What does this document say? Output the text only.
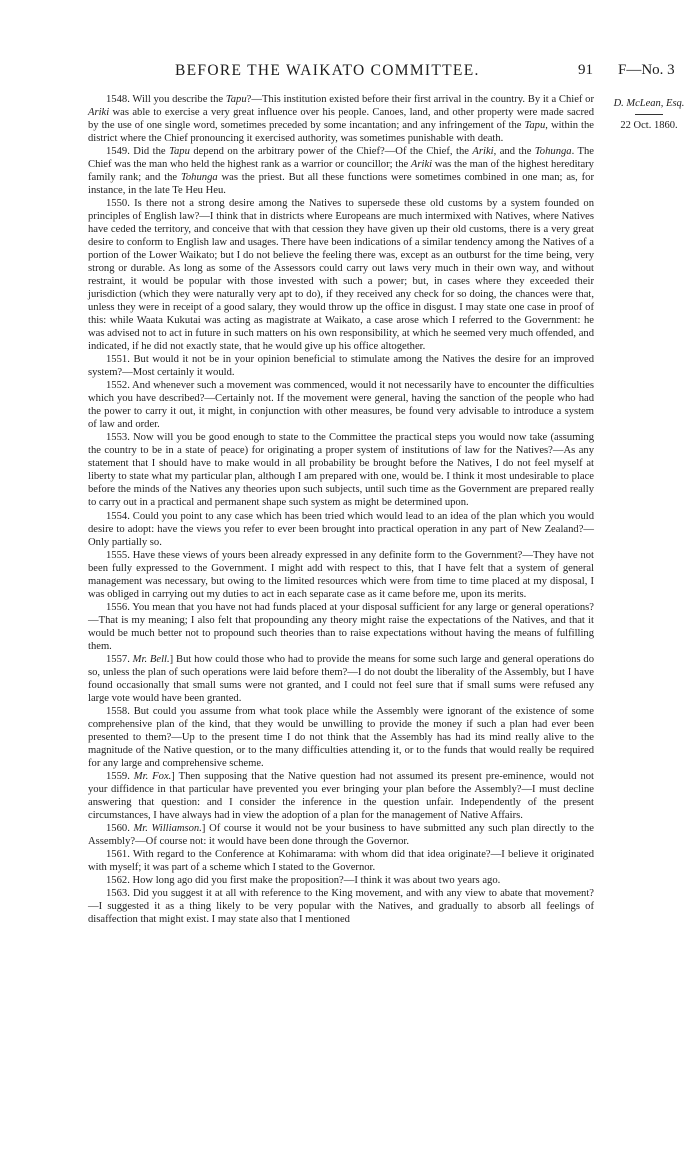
BEFORE THE WAIKATO COMMITTEE.	91 F—No. 3
D. McLean, Esq.
22 Oct. 1860.

1548. Will you describe the Tapu?—This institution existed before their first arrival in the country. By it a Chief or Ariki was able to exercise a very great influence over his people. Canoes, land, and other property were made sacred by the use of one single word, sometimes preceded by some incantation; and any infringement of the Tapu, within the district where the Chief pronouncing it exercised authority, was sometimes punishable with death.

1549. Did the Tapu depend on the arbitrary power of the Chief?—Of the Chief, the Ariki, and the Tohunga. The Chief was the man who held the highest rank as a warrior or councillor; the Ariki was the man of the highest hereditary family rank; and the Tohunga was the priest. But all these functions were sometimes combined in one man; as, for instance, in the late Te Heu Heu.

1550. Is there not a strong desire among the Natives to supersede these old customs by a system founded on principles of English law?—I think that in districts where Europeans are much intermixed with Natives, where Natives have ceded the territory, and conceive that with that cession they have given up their old customs, there is a very great desire to conform to English law and usages. There have been indications of a similar tendency among the Natives of a portion of the Lower Waikato; but I do not believe the feeling there was, except as an outburst for the time being, very strong or durable. As long as some of the Assessors could carry out laws very much in their own way, and without restraint, it would be popular with those invested with such a power; but, in cases where they exceeded their jurisdiction (which they were naturally very apt to do), if they received any check for so doing, the chances were that, unless they were in receipt of a good salary, they would throw up the office in disgust. I may state one case in proof of this: while Waata Kukutai was acting as magistrate at Waikato, a case arose which I referred to the Government: he was advised not to act in future in such matters on his own responsibility, at which he seemed very much offended, and indicated, if he did not exactly state, that he would give up his office altogether.

1551. But would it not be in your opinion beneficial to stimulate among the Natives the desire for an improved system?—Most certainly it would.

1552. And whenever such a movement was commenced, would it not necessarily have to encounter the difficulties which you have described?—Certainly not. If the movement were general, having the sanction of the people who had the power to carry it out, it might, in conjunction with other measures, be found very advisable to introduce a system of law and order.

1553. Now will you be good enough to state to the Committee the practical steps you would now take (assuming the country to be in a state of peace) for originating a proper system of institutions of law for the Natives?—As any statement that I should have to make would in all probability be brought before the Natives, I do not feel myself at liberty to state what my particular plan, although I am prepared with one, would be. I think it most undesirable to place before the minds of the Natives any theories upon such subjects, until such time as the Government are prepared really to carry out in a practical and permanent shape such system as might be determined upon.

1554. Could you point to any case which has been tried which would lead to an idea of the plan which you would desire to adopt: have the views you refer to ever been brought into practical operation in any part of New Zealand?—Only partially so.

1555. Have these views of yours been already expressed in any definite form to the Government?—They have not been fully expressed to the Government. I might add with respect to this, that I have felt that a system of general management was necessary, but owing to the limited resources which were from time to time placed at my disposal, I was obliged in carrying out my duties to act in each separate case as it came before me, upon its merits.

1556. You mean that you have not had funds placed at your disposal sufficient for any large or general operations?—That is my meaning; I also felt that propounding any theory might raise the expectations of the Natives, and that it would be much better not to propound such theories than to raise expectations without having the means of fulfilling them.

1557. Mr. Bell.] But how could those who had to provide the means for some such large and general operations do so, unless the plan of such operations were laid before them?—I do not doubt the liberality of the Assembly, but I have found occasionally that small sums were not granted, and I could not feel sure that if small sums were refused any large vote would have been granted.

1558. But could you assume from what took place while the Assembly were ignorant of the existence of some comprehensive plan of the kind, that they would be unwilling to provide the money if such a plan had ever been presented to them?—Up to the present time I do not think that the Assembly has had its mind really alive to the magnitude of the Native question, or to the many difficulties attending it, or to the funds that would really be required for any large and comprehensive scheme.

1559. Mr. Fox.] Then supposing that the Native question had not assumed its present pre-eminence, would not your diffidence in that particular have prevented you ever bringing your plan before the Assembly?—I must decline answering that question: and I consider the inference in the question unfair. Independently of the present circumstances, I have always had in view the adoption of a plan for the management of Native Affairs.

1560. Mr. Williamson.] Of course it would not be your business to have submitted any such plan directly to the Assembly?—Of course not: it would have been done through the Governor.

1561. With regard to the Conference at Kohimarama: with whom did that idea originate?—I believe it originated with myself; it was part of a scheme which I stated to the Governor.

1562. How long ago did you first make the proposition?—I think it was about two years ago.

1563. Did you suggest it at all with reference to the King movement, and with any view to abate that movement?—I suggested it as a thing likely to be very popular with the Natives, and gradually to absorb all feelings of disaffection that might exist. I may state also that I mentioned
